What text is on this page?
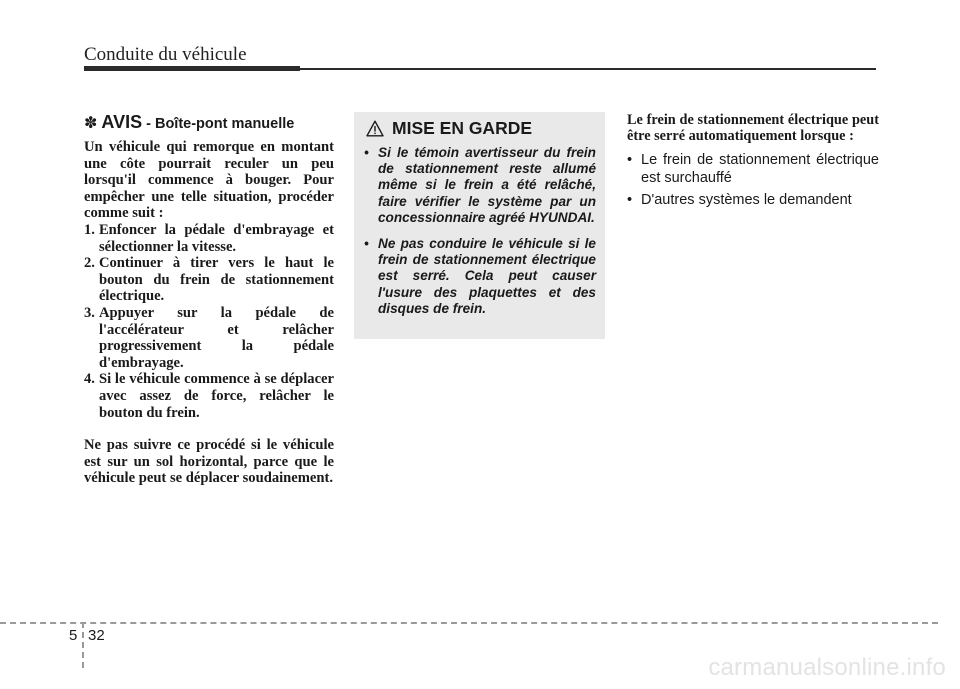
Conduite du véhicule
✽ AVIS - Boîte-pont manuelle

Un véhicule qui remorque en montant une côte pourrait reculer un peu lorsqu'il commence à bouger. Pour empêcher une telle situation, procéder comme suit :

1. Enfoncer la pédale d'embrayage et sélectionner la vitesse.
2. Continuer à tirer vers le haut le bouton du frein de stationnement électrique.
3. Appuyer sur la pédale de l'accélérateur et relâcher progressivement la pédale d'embrayage.
4. Si le véhicule commence à se déplacer avec assez de force, relâcher le bouton du frein.

Ne pas suivre ce procédé si le véhicule est sur un sol horizontal, parce que le véhicule peut se déplacer soudainement.

MISE EN GARDE
• Si le témoin avertisseur du frein de stationnement reste allumé même si le frein a été relâché, faire vérifier le système par un concessionnaire agréé HYUNDAI.
• Ne pas conduire le véhicule si le frein de stationnement électrique est serré. Cela peut causer l'usure des plaquettes et des disques de frein.

Le frein de stationnement électrique peut être serré automatiquement lorsque :

• Le frein de stationnement électrique est surchauffé
• D'autres systèmes le demandent
5 32
carmanualsonline.info
